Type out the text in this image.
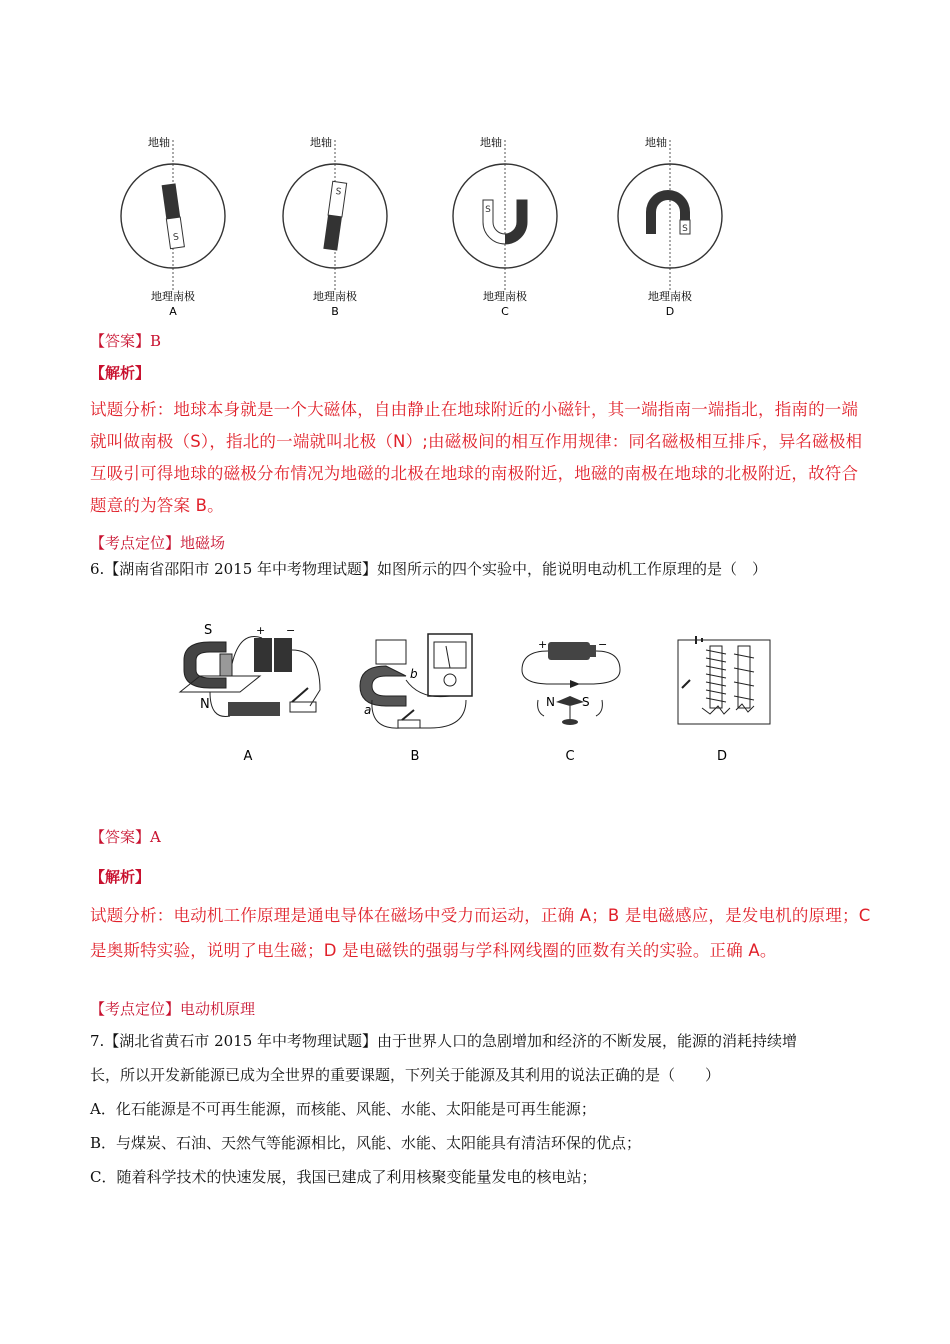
地轴
S
地理南极
A
地轴
S
地理南极
B
地轴
S
地理南极
C
地轴
S
地理南极
D
【答案】B
【解析】
试题分析：地球本身就是一个大磁体，自由静止在地球附近的小磁针，其一端指南一端指北，指南的一端
就叫做南极（S），指北的一端就叫北极（N）;由磁极间的相互作用规律：同名磁极相互排斥，异名磁极相
互吸引可得地球的磁极分布情况为地磁的北极在地球的南极附近，地磁的南极在地球的北极附近，故符合
题意的为答案 B。
【考点定位】地磁场
6.【湖南省邵阳市 2015 年中考物理试题】如图所示的四个实验中，能说明电动机工作原理的是（　）
S
N
+ −
A
b
a
B
+	−
N S
C	D
【答案】A
【解析】
试题分析：电动机工作原理是通电导体在磁场中受力而运动，正确 A；B 是电磁感应，是发电机的原理；C
是奥斯特实验，说明了电生磁；D 是电磁铁的强弱与学科网线圈的匝数有关的实验。正确 A。
【考点定位】电动机原理
7.【湖北省黄石市 2015 年中考物理试题】由于世界人口的急剧增加和经济的不断发展，能源的消耗持续增
长，所以开发新能源已成为全世界的重要课题，下列关于能源及其利用的说法正确的是（　　）
A．化石能源是不可再生能源，而核能、风能、水能、太阳能是可再生能源；
B．与煤炭、石油、天然气等能源相比，风能、水能、太阳能具有清洁环保的优点；
C．随着科学技术的快速发展，我国已建成了利用核聚变能量发电的核电站；
